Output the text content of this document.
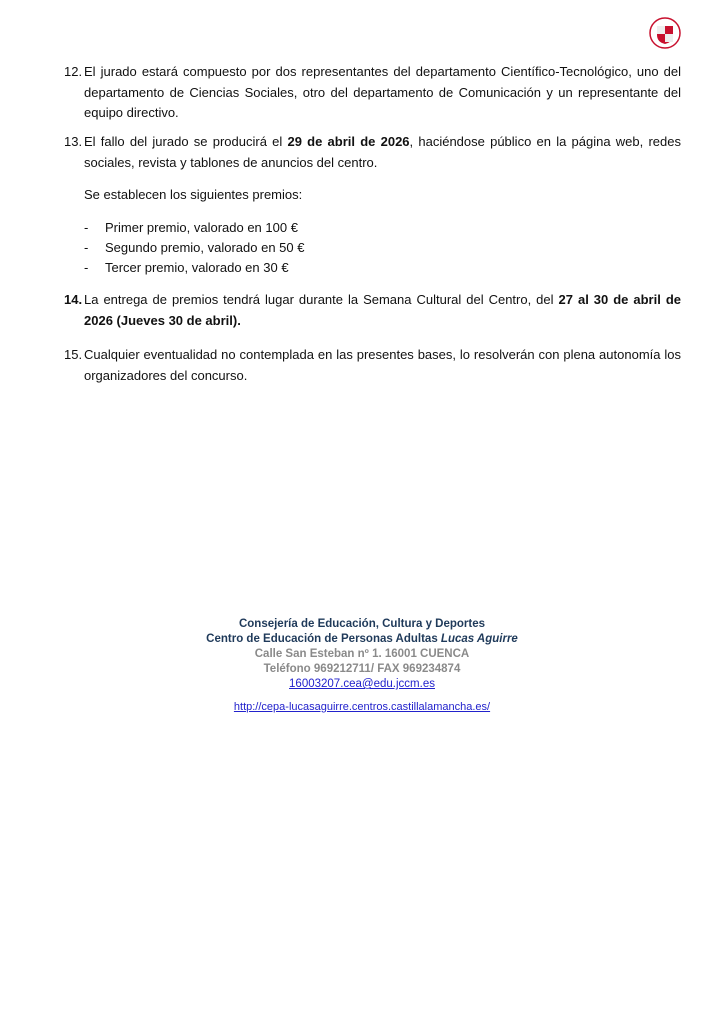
12. El jurado estará compuesto por dos representantes del departamento Científico-Tecnológico, uno del departamento de Ciencias Sociales, otro del departamento de Comunicación y un representante del equipo directivo.
13. El fallo del jurado se producirá el 29 de abril de 2026, haciéndose público en la página web, redes sociales, revista y tablones de anuncios del centro.
Se establecen los siguientes premios:
- Primer premio, valorado en 100 €
- Segundo premio, valorado en 50 €
- Tercer premio, valorado en 30 €
14. La entrega de premios tendrá lugar durante la Semana Cultural del Centro, del 27 al 30 de abril de 2026 (Jueves 30 de abril).
15. Cualquier eventualidad no contemplada en las presentes bases, lo resolverán con plena autonomía los organizadores del concurso.
Consejería de Educación, Cultura y Deportes
Centro de Educación de Personas Adultas Lucas Aguirre
Calle San Esteban nº 1. 16001 CUENCA
Teléfono 969212711/ FAX 969234874
16003207.cea@edu.jccm.es
http://cepa-lucasaguirre.centros.castillalamancha.es/
